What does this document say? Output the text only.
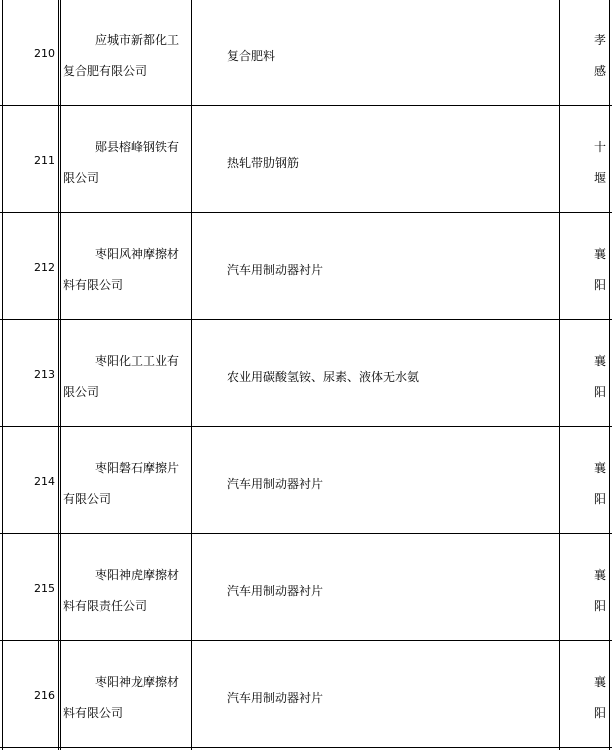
210
应城市新都化工
复合肥有限公司
复合肥料
孝
感
211
郧县榕峰钢铁有
限公司
热轧带肋钢筋
十
堰
212
枣阳风神摩擦材
料有限公司
汽车用制动器衬片
襄
阳
213
枣阳化工工业有
限公司
农业用碳酸氢铵、尿素、液体无水氨
襄
阳
214
枣阳磐石摩擦片
有限公司
汽车用制动器衬片
襄
阳
215
枣阳神虎摩擦材
料有限责任公司
汽车用制动器衬片
襄
阳
216
枣阳神龙摩擦材
料有限公司
汽车用制动器衬片
襄
阳
